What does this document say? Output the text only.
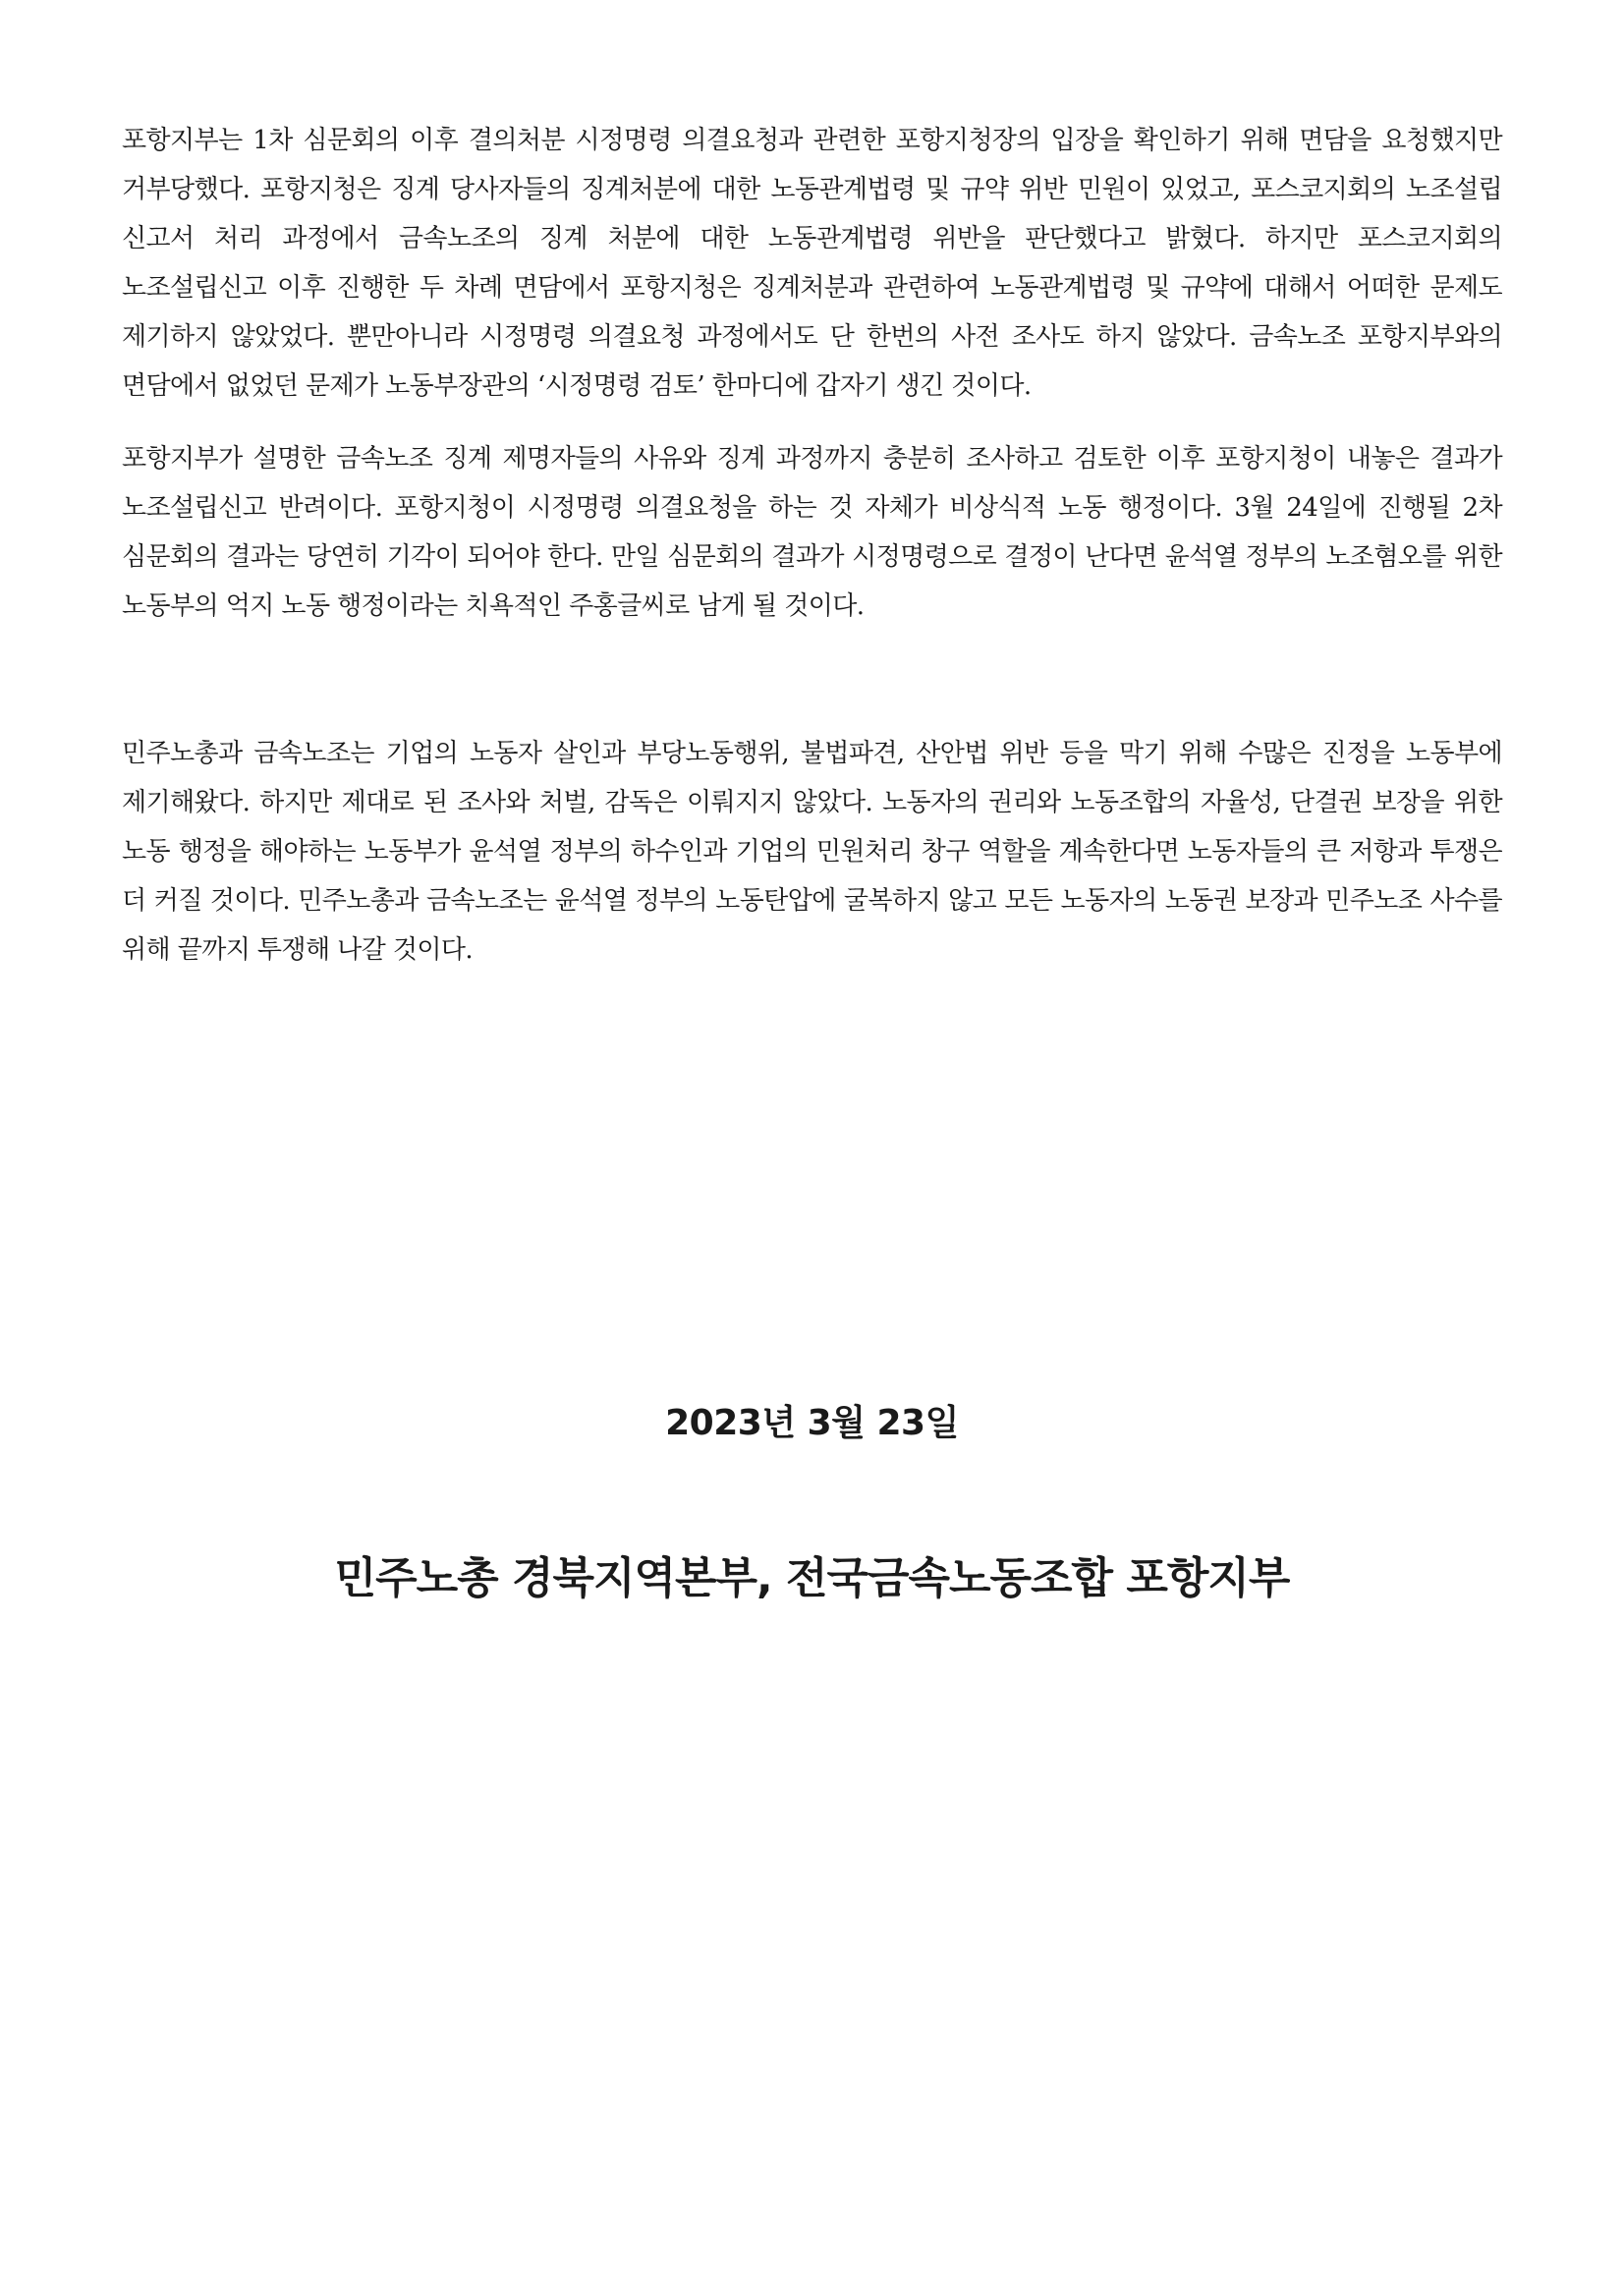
포항지부는 1차 심문회의 이후 결의처분 시정명령 의결요청과 관련한 포항지청장의 입장을 확인하기 위해 면담을 요청했지만 거부당했다. 포항지청은 징계 당사자들의 징계처분에 대한 노동관계법령 및 규약 위반 민원이 있었고, 포스코지회의 노조설립 신고서 처리 과정에서 금속노조의 징계 처분에 대한 노동관계법령 위반을 판단했다고 밝혔다. 하지만 포스코지회의 노조설립신고 이후 진행한 두 차례 면담에서 포항지청은 징계처분과 관련하여 노동관계법령 및 규약에 대해서 어떠한 문제도 제기하지 않았었다. 뿐만아니라 시정명령 의결요청 과정에서도 단 한번의 사전 조사도 하지 않았다. 금속노조 포항지부와의 면담에서 없었던 문제가 노동부장관의 ‘시정명령 검토’ 한마디에 갑자기 생긴 것이다.

포항지부가 설명한 금속노조 징계 제명자들의 사유와 징계 과정까지 충분히 조사하고 검토한 이후 포항지청이 내놓은 결과가 노조설립신고 반려이다. 포항지청이 시정명령 의결요청을 하는 것 자체가 비상식적 노동 행정이다. 3월 24일에 진행될 2차 심문회의 결과는 당연히 기각이 되어야 한다. 만일 심문회의 결과가 시정명령으로 결정이 난다면 윤석열 정부의 노조혐오를 위한 노동부의 억지 노동 행정이라는 치욕적인 주홍글씨로 남게 될 것이다.

민주노총과 금속노조는 기업의 노동자 살인과 부당노동행위, 불법파견, 산안법 위반 등을 막기 위해 수많은 진정을 노동부에 제기해왔다. 하지만 제대로 된 조사와 처벌, 감독은 이뤄지지 않았다. 노동자의 권리와 노동조합의 자율성, 단결권 보장을 위한 노동 행정을 해야하는 노동부가 윤석열 정부의 하수인과 기업의 민원처리 창구 역할을 계속한다면 노동자들의 큰 저항과 투쟁은 더 커질 것이다. 민주노총과 금속노조는 윤석열 정부의 노동탄압에 굴복하지 않고 모든 노동자의 노동권 보장과 민주노조 사수를 위해 끝까지 투쟁해 나갈 것이다.

2023년 3월 23일
민주노총 경북지역본부, 전국금속노동조합 포항지부
